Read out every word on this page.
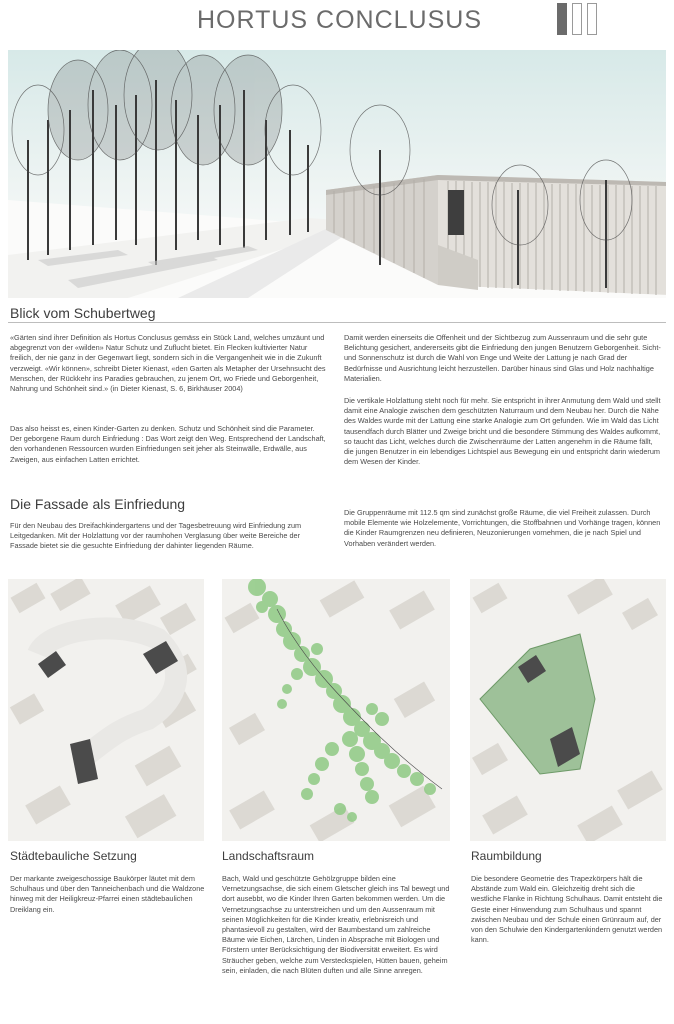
HORTUS CONCLUSUS
Blick vom Schubertweg

«Gärten sind ihrer Definition als Hortus Conclusus gemäss ein Stück Land, welches umzäunt und abgegrenzt von der «wilden» Natur Schutz und Zuflucht bietet. Ein Flecken kultivierter Natur freilich, der nie ganz in der Gegenwart liegt, sondern sich in die Vergangenheit wie in die Zukunft verzweigt. «Wir können», schreibt Dieter Kienast, «den Garten als Metapher der Ursehnsucht des Menschen, der Rückkehr ins Paradies gebrauchen, zu jenem Ort, wo Friede und Geborgenheit, Nahrung und Schönheit sind.» (in Dieter Kienast, S. 6, Birkhäuser 2004)

Das also heisst es, einen Kinder-Garten zu denken. Schutz und Schönheit sind die Parameter. Der geborgene Raum durch Einfriedung : Das Wort zeigt den Weg. Entsprechend der Landschaft, den vorhandenen Ressourcen wurden Einfriedungen seit jeher als Steinwälle, Erdwälle, aus Zweigen, aus einfachen Latten errichtet.

Die Fassade als Einfriedung

Für den Neubau des Dreifachkindergartens und der Tagesbetreuung wird Einfriedung zum Leitgedanken. Mit der Holzlattung vor der raumhohen Verglasung über weite Bereiche der Fassade bietet sie die gesuchte Einfriedung der dahinter liegenden Räume.

Damit werden einerseits die Offenheit und der Sichtbezug zum Aussenraum und die sehr gute Belichtung gesichert, andererseits gibt die Einfriedung den jungen Benutzern Geborgenheit. Sicht- und Sonnenschutz ist durch die Wahl von Enge und Weite der Lattung je nach Grad der Bedürfnisse und Ausrichtung leicht herzustellen. Darüber hinaus sind Glas und Holz nachhaltige Materialien.

Die vertikale Holzlattung steht noch für mehr. Sie entspricht in ihrer Anmutung dem Wald und stellt damit eine Analogie zwischen dem geschützten Naturraum und dem Neubau her. Durch die Nähe des Waldes wurde mit der Lattung eine starke Analogie zum Ort gefunden. Wie im Wald das Licht tausendfach durch Blätter und Zweige bricht und die besondere Stimmung des Waldes aufkommt, so taucht das Licht, welches durch die Zwischenräume der Latten angenehm in die Räume fällt, die jungen Benutzer in ein lebendiges Lichtspiel aus Bewegung ein und entspricht darin wiederum dem Wesen der Kinder.

Die Gruppenräume mit 112.5 qm sind zunächst große Räume, die viel Freiheit zulassen. Durch mobile Elemente wie Holzelemente, Vorrichtungen, die Stoffbahnen und Vorhänge tragen, können die Kinder Raumgrenzen neu definieren, Neuzonierungen vornehmen, die je nach Spiel und Vorhaben verändert werden.

Städtebauliche Setzung	Landschaftsraum	Raumbildung

Der markante zweigeschossige Baukörper läutet mit dem Schulhaus und über den Tanneichenbach und die Waldzone hinweg mit der Heiligkreuz-Pfarrei einen städtebaulichen Dreiklang ein.

Bach, Wald und geschützte Gehölzgruppe bilden eine Vernetzungsachse, die sich einem Gletscher gleich ins Tal bewegt und dort ausebbt, wo die Kinder Ihren Garten bekommen werden. Um die Vernetzungsachse zu unterstreichen und um den Aussenraum mit seinen Möglichkeiten für die Kinder kreativ, erlebnisreich und phantasievoll zu gestalten, wird der Baumbestand um zahlreiche Bäume wie Eichen, Lärchen, Linden in Absprache mit Biologen und Förstern unter Berücksichtigung der Biodiversität erweitert. Es wird Sträucher geben, welche zum Versteckspielen, Hütten bauen, geheim sein, einladen, die nach Blüten duften und alle Sinne anregen.

Die besondere Geometrie des Trapezkörpers hält die Abstände zum Wald ein. Gleichzeitig dreht sich die westliche Flanke in Richtung Schulhaus. Damit entsteht die Geste einer Hinwendung zum Schulhaus und spannt zwischen Neubau und der Schule einen Grünraum auf, der von den Schulwie den Kindergartenkindern genutzt werden kann.
